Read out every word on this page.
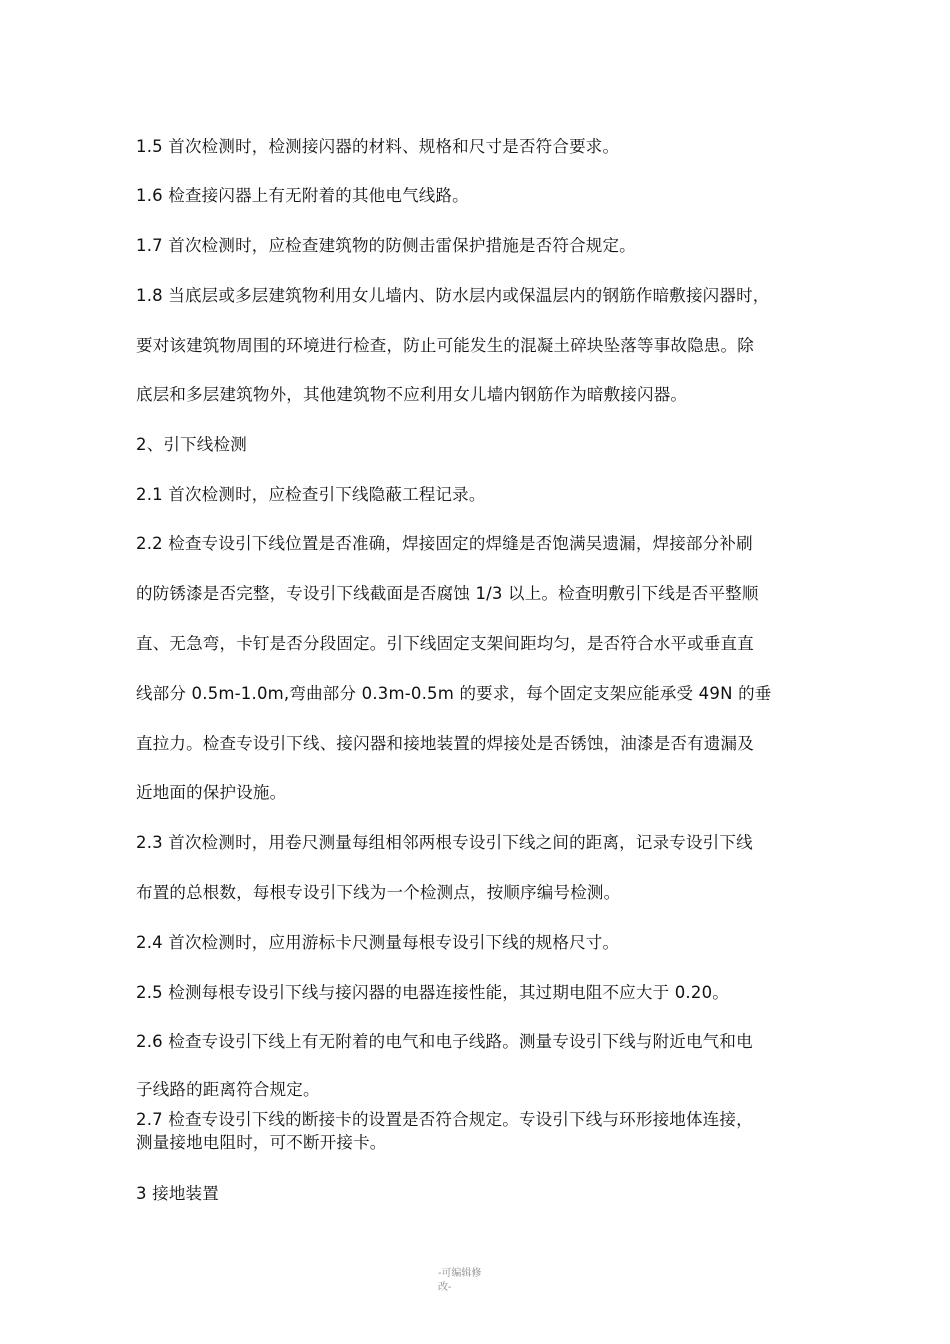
1.5 首次检测时，检测接闪器的材料、规格和尺寸是否符合要求。
1.6 检查接闪器上有无附着的其他电气线路。
1.7 首次检测时，应检查建筑物的防侧击雷保护措施是否符合规定。
1.8 当底层或多层建筑物利用女儿墙内、防水层内或保温层内的钢筋作暗敷接闪器时，
要对该建筑物周围的环境进行检查，防止可能发生的混凝土碎块坠落等事故隐患。除
底层和多层建筑物外，其他建筑物不应利用女儿墙内钢筋作为暗敷接闪器。
2、引下线检测
2.1 首次检测时，应检查引下线隐蔽工程记录。
2.2 检查专设引下线位置是否准确，焊接固定的焊缝是否饱满吴遗漏，焊接部分补刷
的防锈漆是否完整，专设引下线截面是否腐蚀 1/3 以上。检查明敷引下线是否平整顺
直、无急弯，卡钉是否分段固定。引下线固定支架间距均匀，是否符合水平或垂直直
线部分 0.5m-1.0m,弯曲部分 0.3m-0.5m 的要求，每个固定支架应能承受 49N 的垂
直拉力。检查专设引下线、接闪器和接地装置的焊接处是否锈蚀，油漆是否有遗漏及
近地面的保护设施。
2.3 首次检测时，用卷尺测量每组相邻两根专设引下线之间的距离，记录专设引下线
布置的总根数，每根专设引下线为一个检测点，按顺序编号检测。
2.4 首次检测时，应用游标卡尺测量每根专设引下线的规格尺寸。
2.5 检测每根专设引下线与接闪器的电器连接性能，其过期电阻不应大于 0.20。
2.6 检查专设引下线上有无附着的电气和电子线路。测量专设引下线与附近电气和电
子线路的距离符合规定。
2.7 检查专设引下线的断接卡的设置是否符合规定。专设引下线与环形接地体连接，
测量接地电阻时，可不断开接卡。
3 接地装置
-可编辑修
改-
